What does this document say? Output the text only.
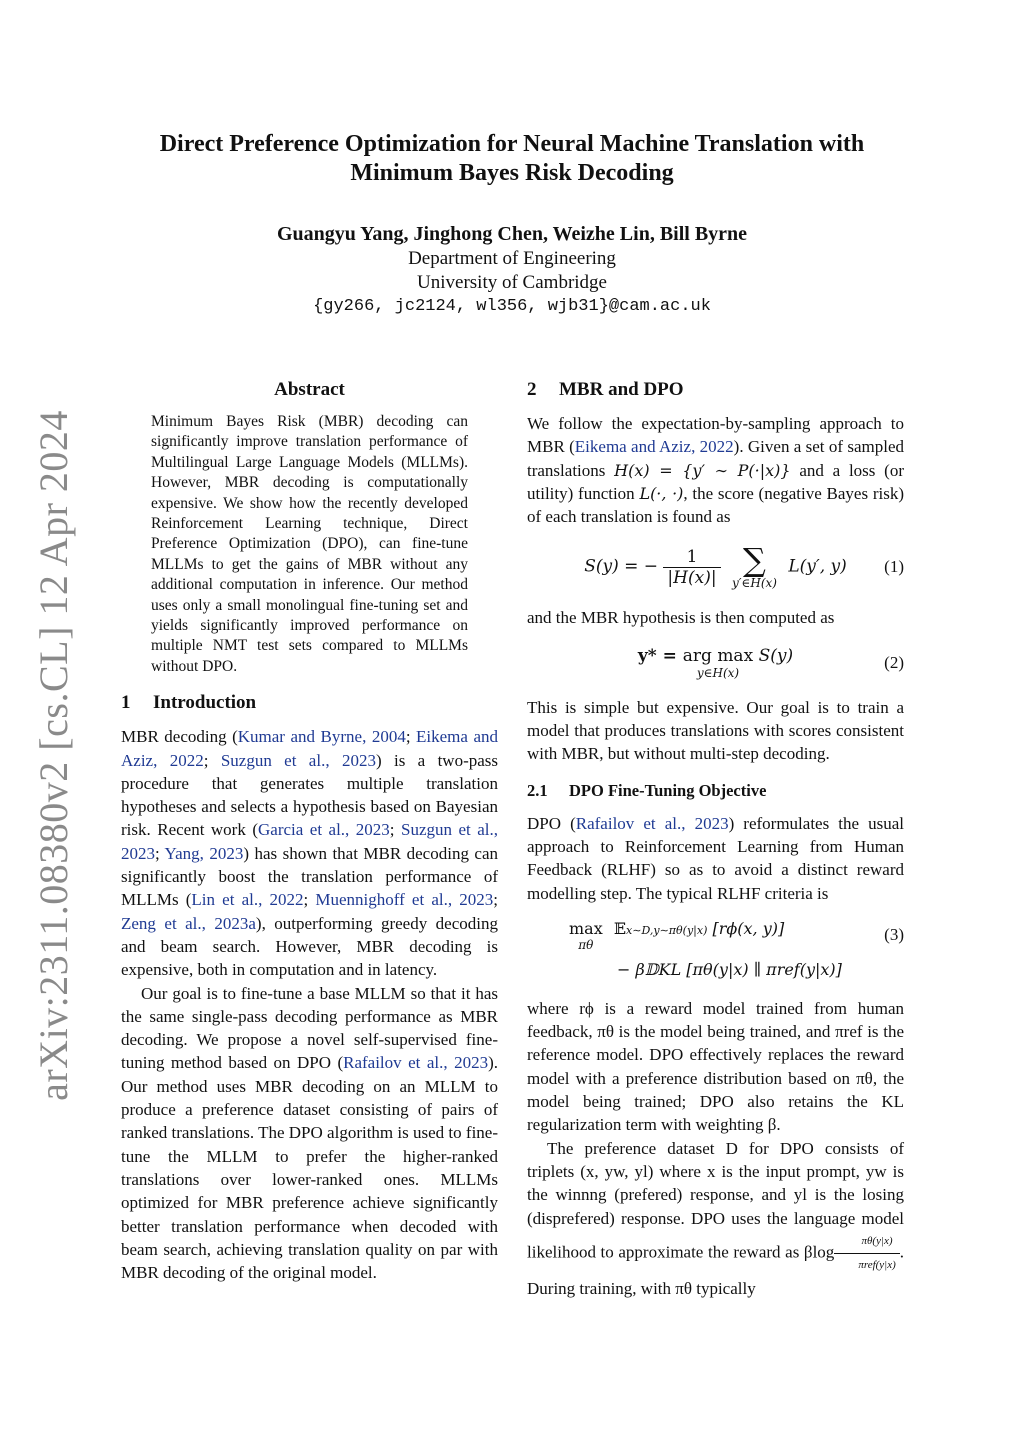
arXiv:2311.08380v2 [cs.CL] 12 Apr 2024
Direct Preference Optimization for Neural Machine Translation with
Minimum Bayes Risk Decoding
Guangyu Yang, Jinghong Chen, Weizhe Lin, Bill Byrne
Department of Engineering
University of Cambridge
{gy266, jc2124, wl356, wjb31}@cam.ac.uk
Abstract
Minimum Bayes Risk (MBR) decoding can significantly improve translation performance of Multilingual Large Language Models (MLLMs). However, MBR decoding is computationally expensive. We show how the recently developed Reinforcement Learning technique, Direct Preference Optimization (DPO), can fine-tune MLLMs to get the gains of MBR without any additional computation in inference. Our method uses only a small monolingual fine-tuning set and yields significantly improved performance on multiple NMT test sets compared to MLLMs without DPO.
1 Introduction

MBR decoding (Kumar and Byrne, 2004; Eikema and Aziz, 2022; Suzgun et al., 2023) is a two-pass procedure that generates multiple translation hypotheses and selects a hypothesis based on Bayesian risk. Recent work (Garcia et al., 2023; Suzgun et al., 2023; Yang, 2023) has shown that MBR decoding can significantly boost the translation performance of MLLMs (Lin et al., 2022; Muennighoff et al., 2023; Zeng et al., 2023a), outperforming greedy decoding and beam search. However, MBR decoding is expensive, both in computation and in latency.

Our goal is to fine-tune a base MLLM so that it has the same single-pass decoding performance as MBR decoding. We propose a novel self-supervised fine-tuning method based on DPO (Rafailov et al., 2023). Our method uses MBR decoding on an MLLM to produce a preference dataset consisting of pairs of ranked translations. The DPO algorithm is used to fine-tune the MLLM to prefer the higher-ranked translations over lower-ranked ones. MLLMs optimized for MBR preference achieve significantly better translation performance when decoded with beam search, achieving translation quality on par with MBR decoding of the original model.

2 MBR and DPO

We follow the expectation-by-sampling approach to MBR (Eikema and Aziz, 2022). Given a set of sampled translations H(x) = {y′ ∼ P(·|x)} and a loss (or utility) function L(·, ·), the score (negative Bayes risk) of each translation is found as

S(y) = − $\frac{1}{|H(x)|}$
∑
y′∈H(x)
L(y′, y)	(1)

and the MBR hypothesis is then computed as

y* = arg max
y∈H(x)
S(y)	(2)

This is simple but expensive. Our goal is to train a model that produces translations with scores consistent with MBR, but without multi-step decoding.

2.1 DPO Fine-Tuning Objective

DPO (Rafailov et al., 2023) reformulates the usual approach to Reinforcement Learning from Human Feedback (RLHF) so as to avoid a distinct reward modelling step. The typical RLHF criteria is

max
πθ
𝔼x∼D,y∼πθ(y|x) [rϕ(x, y)]
− β𝔻KL [πθ(y|x) ∥ πref(y|x)]
(3)

where rϕ is a reward model trained from human feedback, πθ is the model being trained, and πref is the reference model. DPO effectively replaces the reward model with a preference distribution based on πθ, the model being trained; DPO also retains the KL regularization term with weighting β.

The preference dataset D for DPO consists of triplets (x, yw, yl) where x is the input prompt, yw is the winnng (prefered) response, and yl is the losing (disprefered) response. DPO uses the language model likelihood to approximate the reward as βlog $\frac{\pi\theta(y|x)}{\text{πref(y|x)}}$ . During training, with πθ typically
